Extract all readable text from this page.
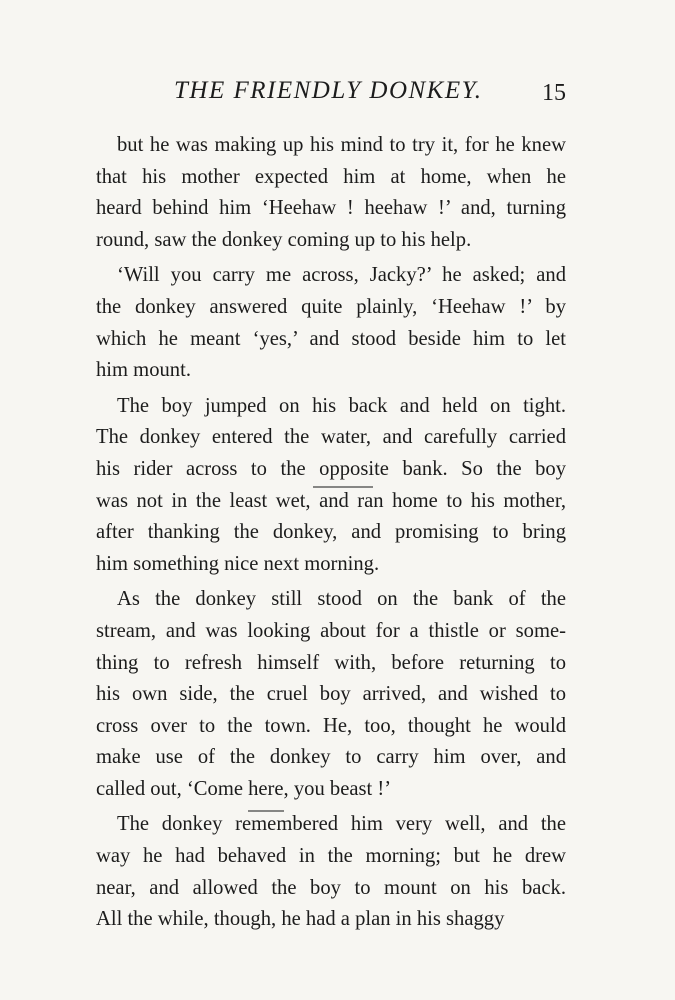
THE FRIENDLY DONKEY. 15
but he was making up his mind to try it, for he knew
that his mother expected him at home, when he
heard behind him ‘Heehaw ! heehaw !’ and, turning
round, saw the donkey coming up to his help.
‘Will you carry me across, Jacky?’ he asked; and
the donkey answered quite plainly, ‘Heehaw !’ by
which he meant ‘yes,’ and stood beside him to let
him mount.
The boy jumped on his back and held on tight.
The donkey entered the water, and carefully carried
his rider across to the opposite bank. So the boy
was not in the least wet, and ran home to his mother,
after thanking the donkey, and promising to bring
him something nice next morning.
As the donkey still stood on the bank of the
stream, and was looking about for a thistle or some-
thing to refresh himself with, before returning to
his own side, the cruel boy arrived, and wished to
cross over to the town. He, too, thought he would
make use of the donkey to carry him over, and
called out, ‘Come here, you beast !’
The donkey remembered him very well, and the
way he had behaved in the morning; but he drew
near, and allowed the boy to mount on his back.
All the while, though, he had a plan in his shaggy
